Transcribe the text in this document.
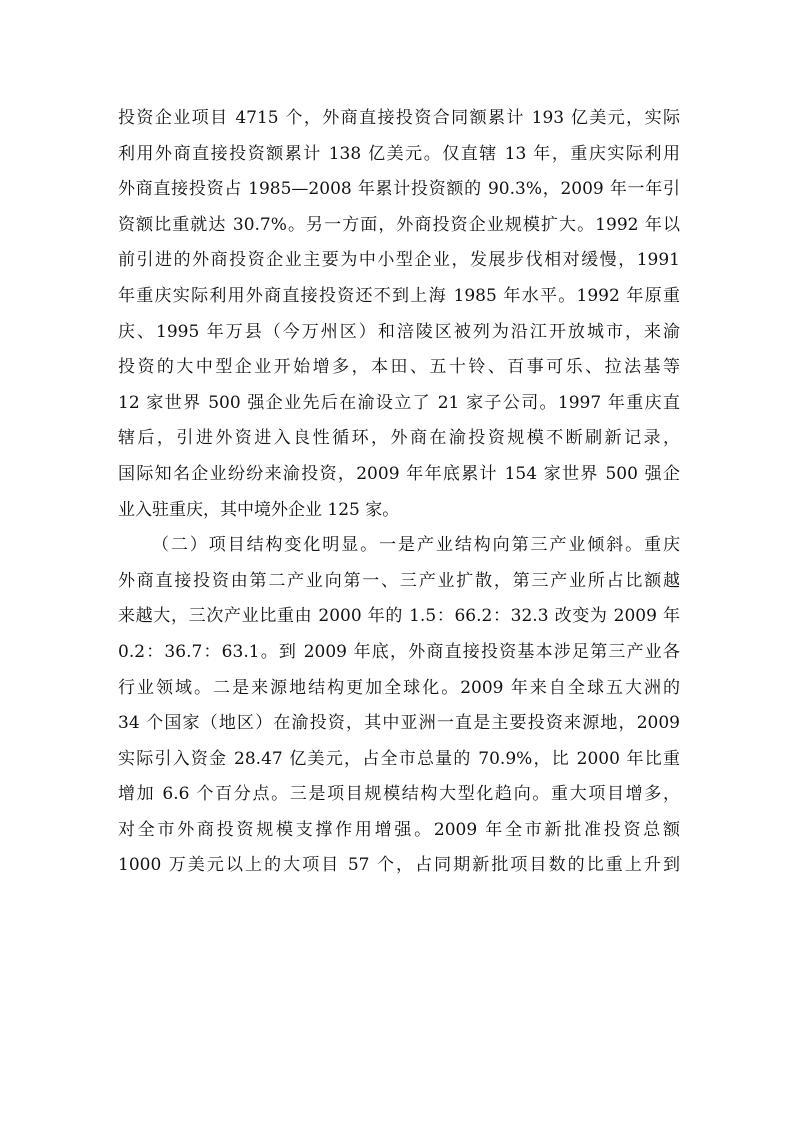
投资企业项目 4715 个，外商直接投资合同额累计 193 亿美元，实际
利用外商直接投资额累计 138 亿美元。仅直辖 13 年，重庆实际利用
外商直接投资占 1985—2008 年累计投资额的 90.3%，2009 年一年引
资额比重就达 30.7%。另一方面，外商投资企业规模扩大。1992 年以
前引进的外商投资企业主要为中小型企业，发展步伐相对缓慢，1991
年重庆实际利用外商直接投资还不到上海 1985 年水平。1992 年原重
庆、1995 年万县（今万州区）和涪陵区被列为沿江开放城市，来渝
投资的大中型企业开始增多，本田、五十铃、百事可乐、拉法基等
12 家世界 500 强企业先后在渝设立了 21 家子公司。1997 年重庆直
辖后，引进外资进入良性循环，外商在渝投资规模不断刷新记录，
国际知名企业纷纷来渝投资，2009 年年底累计 154 家世界 500 强企
业入驻重庆，其中境外企业 125 家。

（二）项目结构变化明显。一是产业结构向第三产业倾斜。重庆
外商直接投资由第二产业向第一、三产业扩散，第三产业所占比额越
来越大，三次产业比重由 2000 年的 1.5：66.2：32.3 改变为 2009 年
0.2：36.7：63.1。到 2009 年底，外商直接投资基本涉足第三产业各
行业领域。二是来源地结构更加全球化。2009 年来自全球五大洲的
34 个国家（地区）在渝投资，其中亚洲一直是主要投资来源地，2009
实际引入资金 28.47 亿美元，占全市总量的 70.9%，比 2000 年比重
增加 6.6 个百分点。三是项目规模结构大型化趋向。重大项目增多，
对全市外商投资规模支撑作用增强。2009 年全市新批准投资总额
1000 万美元以上的大项目 57 个，占同期新批项目数的比重上升到
